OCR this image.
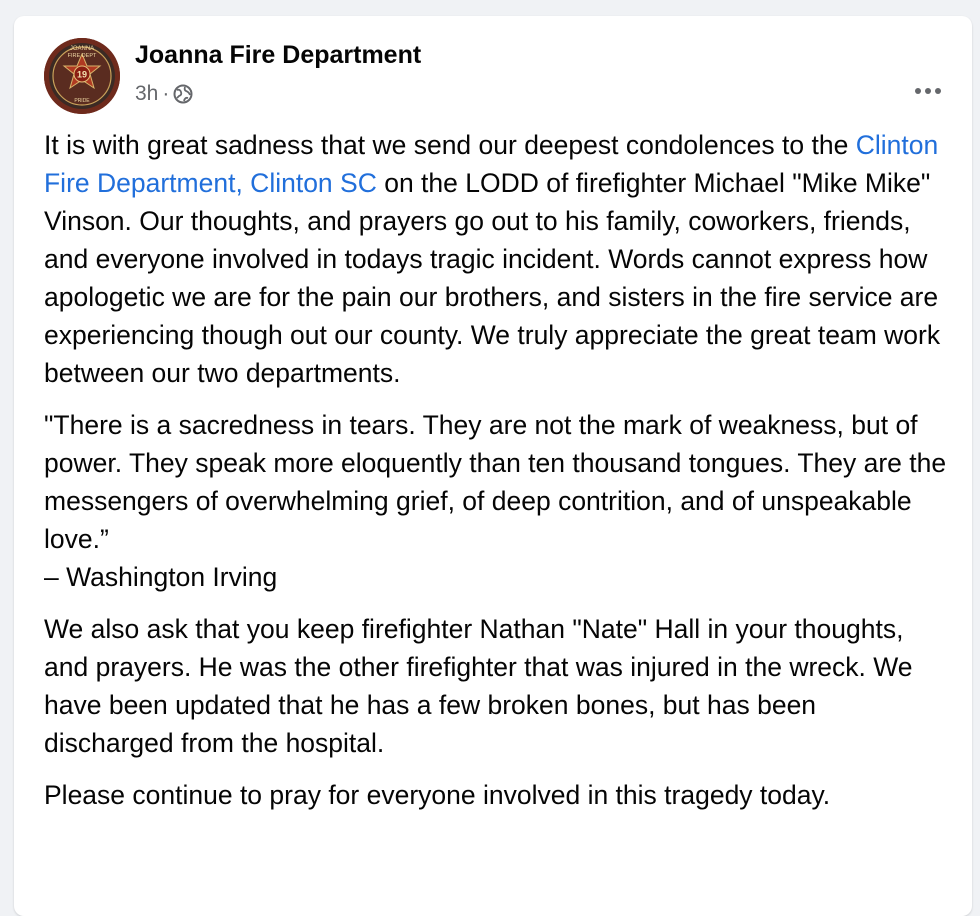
19
JOANNA
FIRE DEPT
PRIDE
Joanna Fire Department
3h ·

It is with great sadness that we send our deepest condolences to the Clinton Fire Department, Clinton SC on the LODD of firefighter Michael "Mike Mike" Vinson. Our thoughts, and prayers go out to his family, coworkers, friends, and everyone involved in todays tragic incident. Words cannot express how apologetic we are for the pain our brothers, and sisters in the fire service are experiencing though out our county. We truly appreciate the great team work between our two departments.

"There is a sacredness in tears. They are not the mark of weakness, but of power. They speak more eloquently than ten thousand tongues. They are the messengers of overwhelming grief, of deep contrition, and of unspeakable love.”
– Washington Irving

We also ask that you keep firefighter Nathan "Nate" Hall in your thoughts, and prayers. He was the other firefighter that was injured in the wreck. We have been updated that he has a few broken bones, but has been discharged from the hospital.

Please continue to pray for everyone involved in this tragedy today.
